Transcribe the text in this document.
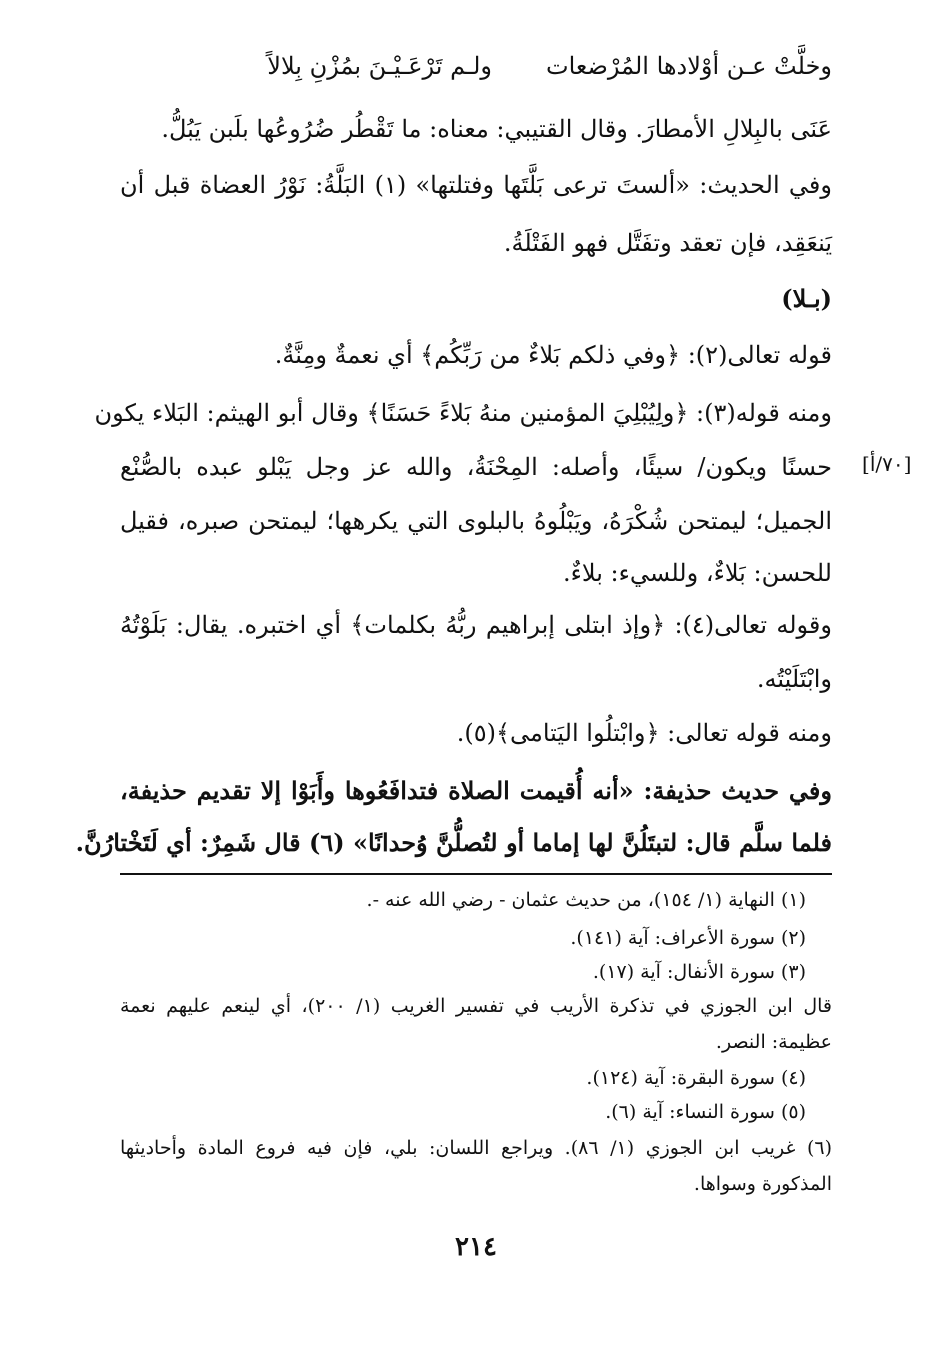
وخلَّتْ عـن أوْلادها المُرْضعات
ولـم تَرْعَـيْـنَ بمُزْنِ بِلالاً
عَنَى بالبِلالِ الأمطارَ. وقال القتيبي: معناه: ما تَقْطُر ضُرُوعُها بلَبن يَبُلُّ.
وفي الحديث: «ألستَ ترعى بَلَّتَها وفتلتها» (١) البَلَّةُ: نَوْرُ العضاة قبل أن
يَنعَقِد، فإن تعقد وتفَتَّل فهو الفَتْلَةُ.
(بـلا)
قوله تعالى(٢): ﴿وفي ذلكم بَلاءٌ من رَبِّكُم﴾ أي نعمةٌ ومِنَّةٌ.
ومنه قوله(٣): ﴿ولِيُبْلِيَ المؤمنين منهُ بَلاءً حَسَنًا﴾ وقال أبو الهيثم: البَلاء يكون
حسنًا ويكون/ سيئًا، وأصله: المِحْنَةُ، والله عز وجل يَبْلو عبده بالصُّنْع
الجميل؛ ليمتحن شُكْرَهُ، ويَبْلُوهُ بالبلوى التي يكرهها؛ ليمتحن صبره، فقيل
للحسن: بَلاءٌ، وللسيء: بلاءٌ.
وقوله تعالى(٤): ﴿وإذ ابتلى إبراهيم ربُّهُ بكلمات﴾ أي اختبره. يقال: بَلَوْتُهُ
وابْتَلَيْتُه.
ومنه قوله تعالى: ﴿وابْتلُوا اليَتامى﴾(٥).
وفي حديث حذيفة: «أنه أُقيمت الصلاة فتدافَعُوها وأَبَوْا إلا تقديم حذيفة،
فلما سلَّم قال: لتبتَلُنَّ لها إماما أو لتُصلُّنَّ وُحدانًا» (٦) قال شَمِرٌ: أي لَتَخْتارُنَّ.
[٧٠/أ]
(١) النهاية (١/ ١٥٤)، من حديث عثمان - رضي الله عنه -.
(٢) سورة الأعراف: آية (١٤١).
(٣) سورة الأنفال: آية (١٧).
قال ابن الجوزي في تذكرة الأريب في تفسير الغريب (١/ ٢٠٠)، أي لينعم عليهم نعمة
عظيمة: النصر.
(٤) سورة البقرة: آية (١٢٤).
(٥) سورة النساء: آية (٦).
(٦) غريب ابن الجوزي (١/ ٨٦). ويراجع اللسان: بلي، فإن فيه فروع المادة وأحاديثها
المذكورة وسواها.
٢١٤
